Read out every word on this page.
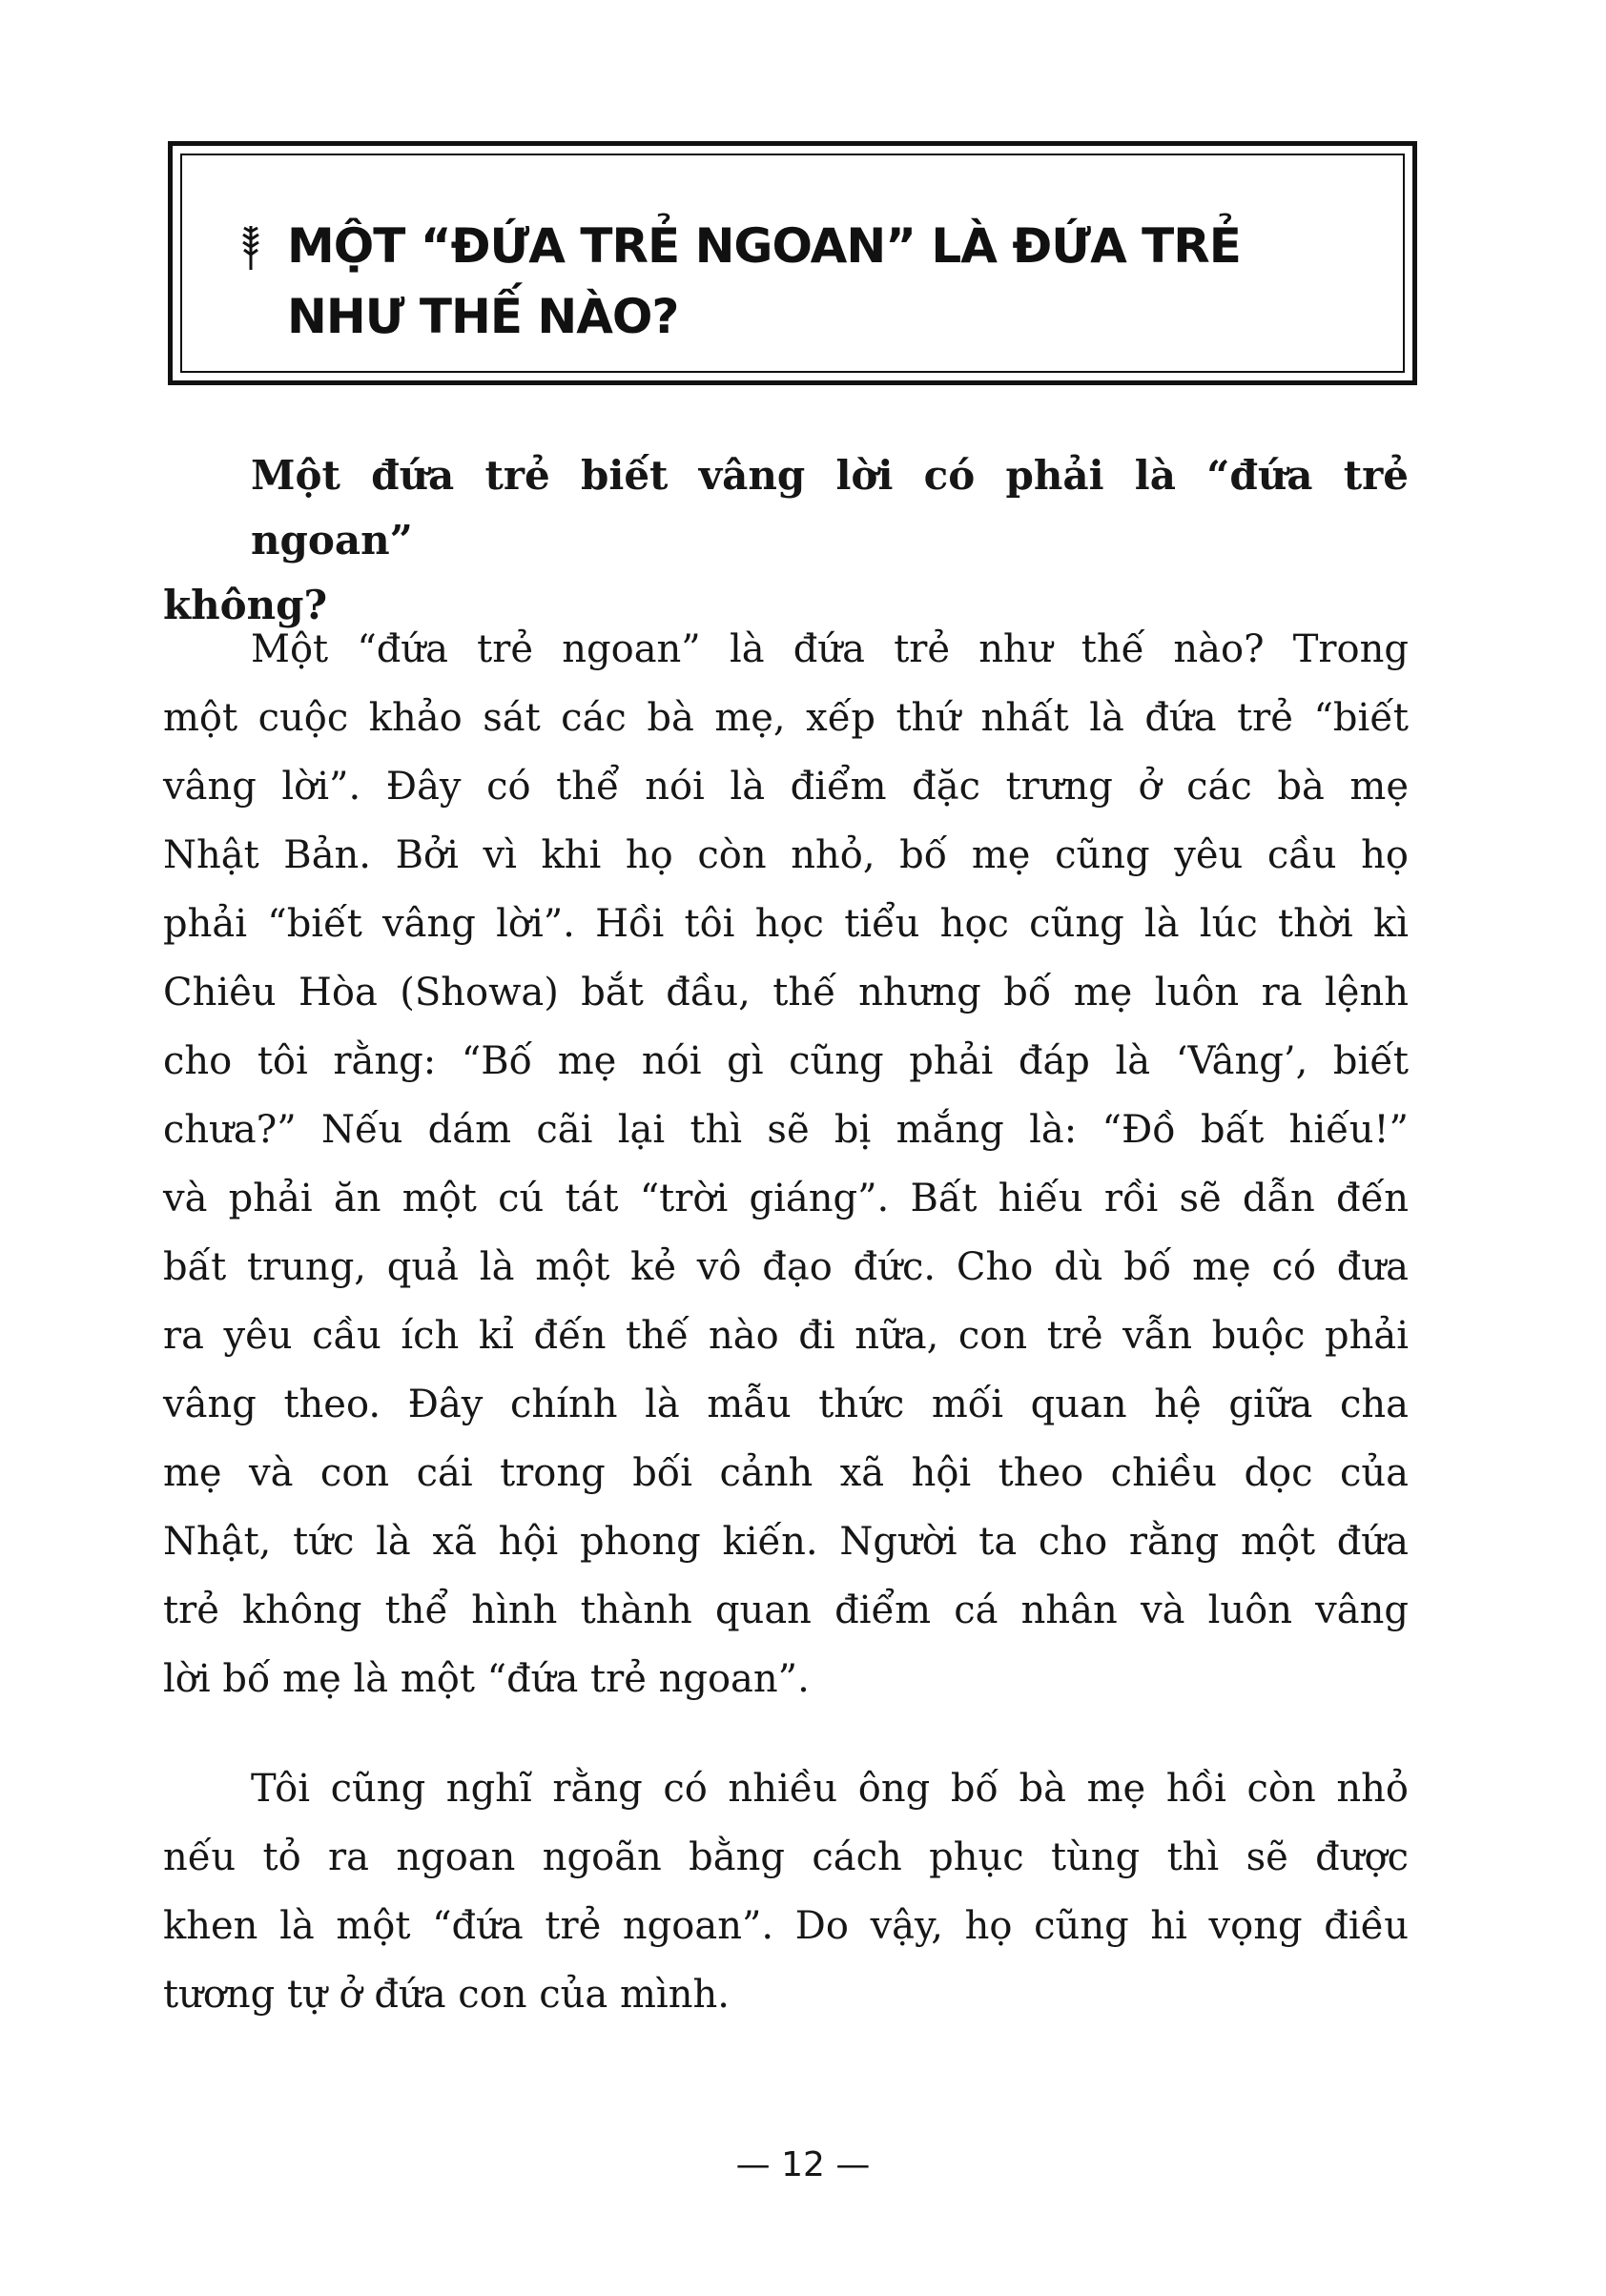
MỘT “ĐỨA TRẺ NGOAN” LÀ ĐỨA TRẺ
NHƯ THẾ NÀO?
Một đứa trẻ biết vâng lời có phải là “đứa trẻ ngoan”
không?
Một “đứa trẻ ngoan” là đứa trẻ như thế nào? Trong
một cuộc khảo sát các bà mẹ, xếp thứ nhất là đứa trẻ “biết
vâng lời”. Đây có thể nói là điểm đặc trưng ở các bà mẹ
Nhật Bản. Bởi vì khi họ còn nhỏ, bố mẹ cũng yêu cầu họ
phải “biết vâng lời”. Hồi tôi học tiểu học cũng là lúc thời kì
Chiêu Hòa (Showa) bắt đầu, thế nhưng bố mẹ luôn ra lệnh
cho tôi rằng: “Bố mẹ nói gì cũng phải đáp là ‘Vâng’, biết
chưa?” Nếu dám cãi lại thì sẽ bị mắng là: “Đồ bất hiếu!”
và phải ăn một cú tát “trời giáng”. Bất hiếu rồi sẽ dẫn đến
bất trung, quả là một kẻ vô đạo đức. Cho dù bố mẹ có đưa
ra yêu cầu ích kỉ đến thế nào đi nữa, con trẻ vẫn buộc phải
vâng theo. Đây chính là mẫu thức mối quan hệ giữa cha
mẹ và con cái trong bối cảnh xã hội theo chiều dọc của
Nhật, tức là xã hội phong kiến. Người ta cho rằng một đứa
trẻ không thể hình thành quan điểm cá nhân và luôn vâng
lời bố mẹ là một “đứa trẻ ngoan”.
Tôi cũng nghĩ rằng có nhiều ông bố bà mẹ hồi còn nhỏ
nếu tỏ ra ngoan ngoãn bằng cách phục tùng thì sẽ được
khen là một “đứa trẻ ngoan”. Do vậy, họ cũng hi vọng điều
tương tự ở đứa con của mình.
— 12 —
